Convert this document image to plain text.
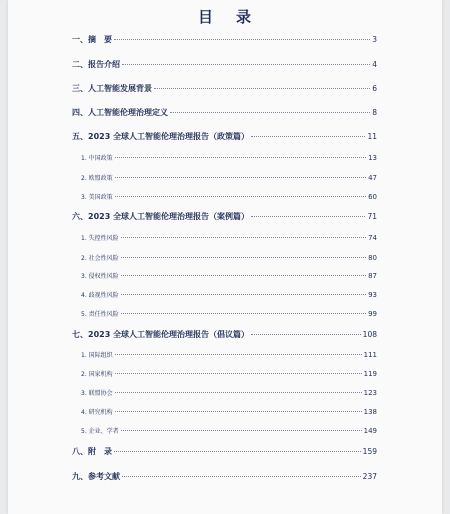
目 录
一、摘　要	3
二、报告介绍	4
三、人工智能发展背景	6
四、人工智能伦理治理定义	8
五、2023 全球人工智能伦理治理报告（政策篇）	11
1. 中国政策	13
2. 欧盟政策	47
3. 美国政策	60
六、2023 全球人工智能伦理治理报告（案例篇）	71
1. 失控性风险	74
2. 社会性风险	80
3. 侵权性风险	87
4. 歧视性风险	93
5. 责任性风险	99
七、2023 全球人工智能伦理治理报告（倡议篇）	108
1. 国际组织	111
2. 国家机构	119
3. 联盟协会	123
4. 研究机构	138
5. 企业、学者	149
八、附　录	159
九、参考文献	237
